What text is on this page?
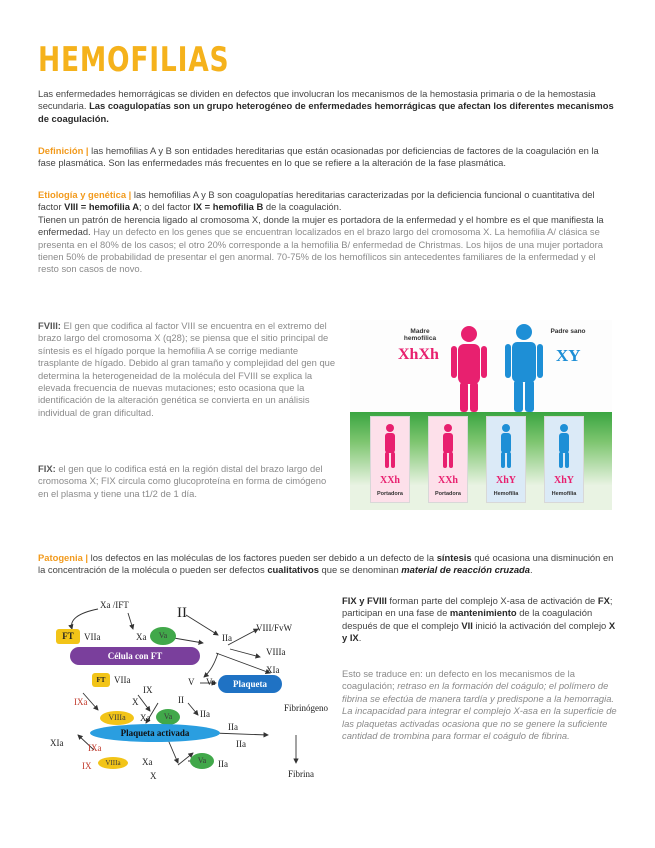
HEMOFILIAS
Las enfermedades hemorrágicas se dividen en defectos que involucran los mecanismos de la hemostasia primaria o de la hemostasia secundaria. Las coagulopatías son un grupo heterogéneo de enfermedades hemorrágicas que afectan los diferentes mecanismos de coagulación.
Definición | las hemofilias A y B son entidades hereditarias que están ocasionadas por deficiencias de factores de la coagulación en la fase plasmática. Son las enfermedades más frecuentes en lo que se refiere a la alteración de la fase plasmática.
Etiología y genética | las hemofilias A y B son coagulopatías hereditarias caracterizadas por la deficiencia funcional o cuantitativa del factor VIII = hemofilia A; o del factor IX = hemofilia B de la coagulación.
Tienen un patrón de herencia ligado al cromosoma X, donde la mujer es portadora de la enfermedad y el hombre es el que manifiesta la enfermedad. Hay un defecto en los genes que se encuentran localizados en el brazo largo del cromosoma X. La hemofilia A/ clásica se presenta en el 80% de los casos; el otro 20% corresponde a la hemofilia B/ enfermedad de Christmas. Los hijos de una mujer portadora tienen 50% de probabilidad de presentar el gen anormal. 70-75% de los hemofílicos sin antecedentes familiares de la enfermedad y el resto son casos de novo.
FVIII: El gen que codifica al factor VIII se encuentra en el extremo del brazo largo del cromosoma X (q28); se piensa que el sitio principal de síntesis es el hígado porque la hemofilia A se corrige mediante trasplante de hígado. Debido al gran tamaño y complejidad del gen que determina la heterogeneidad de la molécula del FVIII se explica la elevada frecuencia de nuevas mutaciones; esto ocasiona que la identificación de la alteración genética se convierta en un análisis individual de gran dificultad.
FIX: el gen que lo codifica está en la región distal del brazo largo del cromosoma X; FIX circula como glucoproteína en forma de cimógeno en el plasma y tiene una t1/2 de 1 día.
Madre hemofílica
XhXh
Padre sano
XY
XXh
Portadora
XXh
Portadora
XhY
Hemofilia
XhY
Hemofilia
Patogenia | los defectos en las moléculas de los factores pueden ser debido a un defecto de la síntesis qué ocasiona una disminución en la concentración de la molécula o pueden ser defectos cualitativos que se denominan material de reacción cruzada.
Xa /IFT	II
VIII/FvW
FT	VIIa	Xa	Va	IIa
VIIIa
Célula con FT
XIa
V Va	Plaqueta
FT VIIa
IX
IXa	X	II
Fibrinógeno
VIIIa	Xa	Va	IIa
IIa
Plaqueta activada
XIa	IIa
IXa
IX	VIIIa	Xa	Va	IIa
Fibrina
X
FIX y FVIII forman parte del complejo X-asa de activación de FX; participan en una fase de mantenimiento de la coagulación después de que el complejo VII inició la activación del complejo X y IX.
Esto se traduce en: un defecto en los mecanismos de la coagulación; retraso en la formación del coágulo; el polímero de fibrina se efectúa de manera tardía y predispone a la hemorragia. La incapacidad para integrar el complejo X-asa en la superficie de las plaquetas activadas ocasiona que no se genere la suficiente cantidad de trombina para formar el coágulo de fibrina.
